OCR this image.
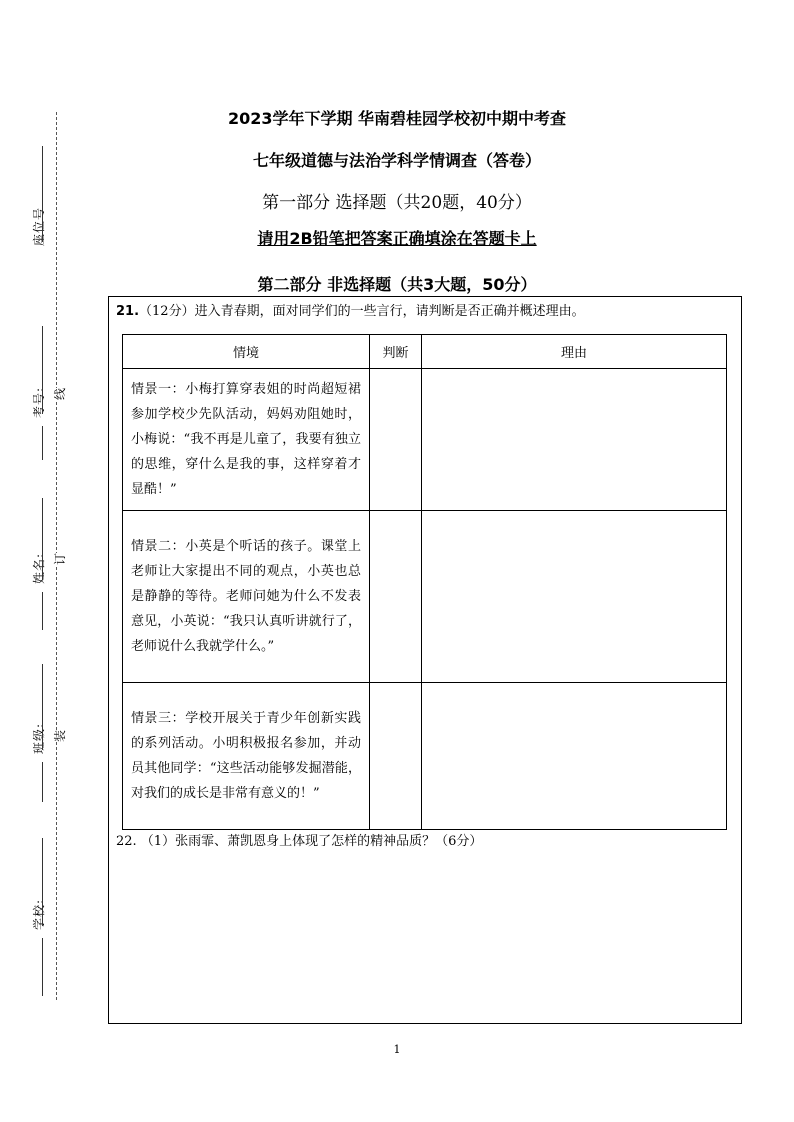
座位号
考号:
姓名:
班级:
学校:
线
订
装
2023学年下学期 华南碧桂园学校初中期中考查
七年级道德与法治学科学情调查（答卷）
第一部分 选择题（共20题，40分）
请用2B铅笔把答案正确填涂在答题卡上
第二部分 非选择题（共3大题，50分）
21.（12分）进入青春期，面对同学们的一些言行，请判断是否正确并概述理由。
情境	判断	理由
情景一：小梅打算穿表姐的时尚超短裙参加学校少先队活动，妈妈劝阻她时，小梅说：“我不再是儿童了，我要有独立的思维，穿什么是我的事，这样穿着才显酷！”		
情景二：小英是个听话的孩子。课堂上老师让大家提出不同的观点，小英也总是静静的等待。老师问她为什么不发表意见，小英说：“我只认真听讲就行了，老师说什么我就学什么。”		
情景三：学校开展关于青少年创新实践的系列活动。小明积极报名参加，并动员其他同学：“这些活动能够发掘潜能，对我们的成长是非常有意义的！”		
22. （1）张雨霏、萧凯恩身上体现了怎样的精神品质？（6分）
1
